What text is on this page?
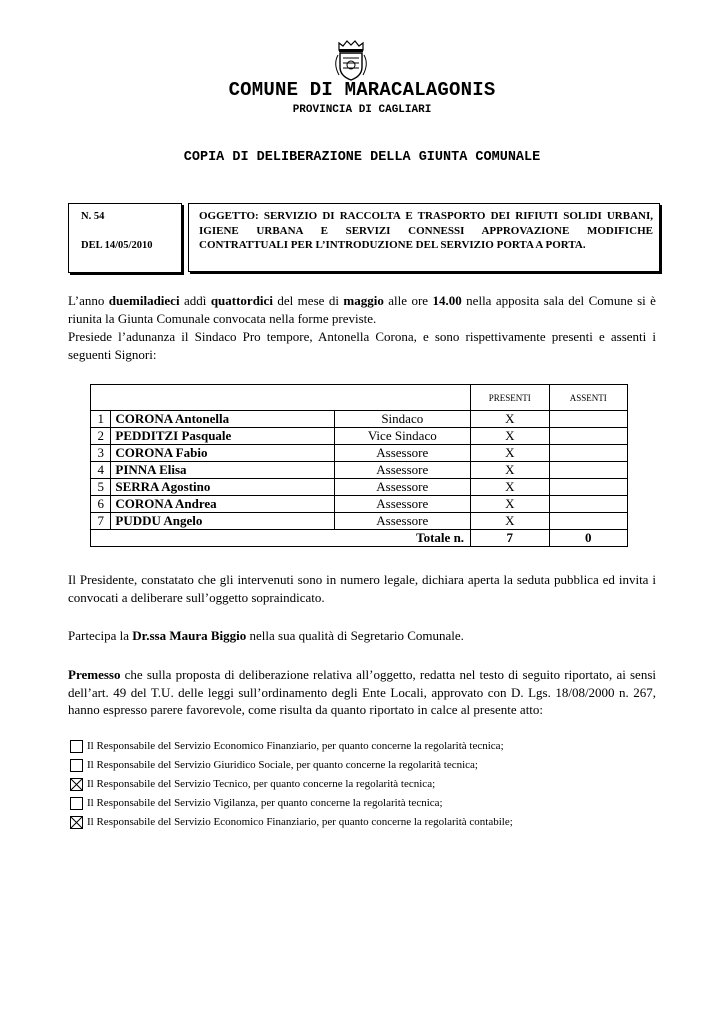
COMUNE DI MARACALAGONIS
PROVINCIA DI CAGLIARI
COPIA DI DELIBERAZIONE DELLA GIUNTA COMUNALE
N. 54
DEL 14/05/2010
OGGETTO: SERVIZIO DI RACCOLTA E TRASPORTO DEI RIFIUTI SOLIDI URBANI, IGIENE URBANA E SERVIZI CONNESSI APPROVAZIONE MODIFICHE CONTRATTUALI PER L’INTRODUZIONE DEL SERVIZIO PORTA A PORTA.
L’anno duemiladieci addì quattordici del mese di maggio alle ore 14.00 nella apposita sala del Comune si è riunita la Giunta Comunale convocata nella forme previste.
Presiede l’adunanza il Sindaco Pro tempore, Antonella Corona, e sono rispettivamente presenti e assenti i seguenti Signori:
			PRESENTI	ASSENTI
1	CORONA Antonella	Sindaco	X	
2	PEDDITZI Pasquale	Vice Sindaco	X	
3	CORONA Fabio	Assessore	X	
4	PINNA Elisa	Assessore	X	
5	SERRA Agostino	Assessore	X	
6	CORONA Andrea	Assessore	X	
7	PUDDU Angelo	Assessore	X	
Totale n.			7	0
Il Presidente, constatato che gli intervenuti sono in numero legale, dichiara aperta la seduta pubblica ed invita i convocati a deliberare sull’oggetto sopraindicato.
Partecipa la Dr.ssa Maura Biggio nella sua qualità di Segretario Comunale.
Premesso che sulla proposta di deliberazione relativa all’oggetto, redatta nel testo di seguito riportato, ai sensi dell’art. 49 del T.U. delle leggi sull’ordinamento degli Ente Locali, approvato con D. Lgs. 18/08/2000 n. 267, hanno espresso parere favorevole, come risulta da quanto riportato in calce al presente atto:
Il Responsabile del Servizio Economico Finanziario, per quanto concerne la regolarità tecnica;
Il Responsabile del Servizio Giuridico Sociale, per quanto concerne la regolarità tecnica;
Il Responsabile del Servizio Tecnico, per quanto concerne la regolarità tecnica;
Il Responsabile del Servizio Vigilanza, per quanto concerne la regolarità tecnica;
Il Responsabile del Servizio Economico Finanziario, per quanto concerne la regolarità contabile;
